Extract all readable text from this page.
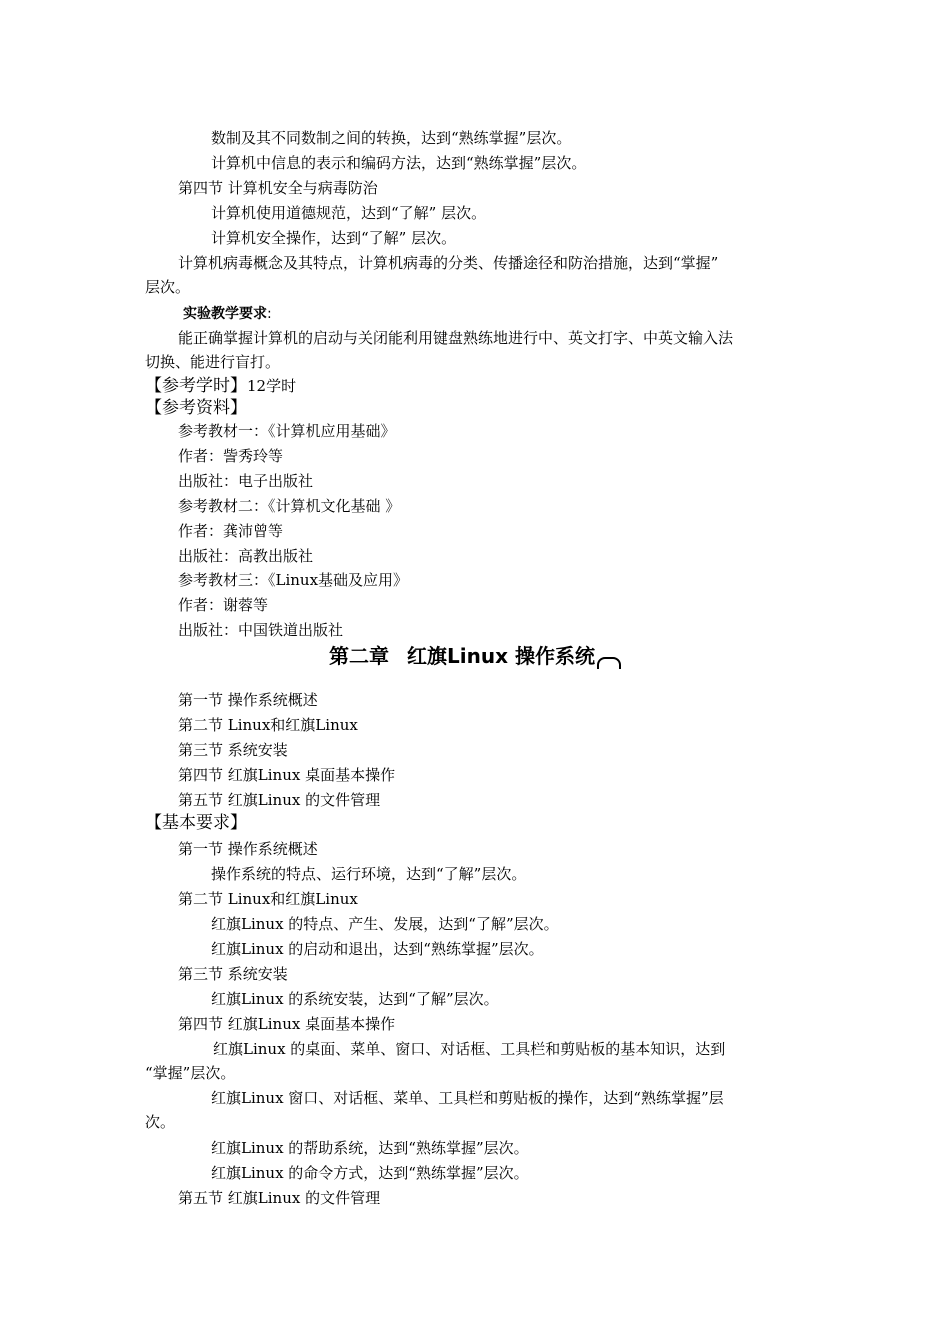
数制及其不同数制之间的转换，达到“熟练掌握”层次。
计算机中信息的表示和编码方法，达到“熟练掌握”层次。
第四节 计算机安全与病毒防治
计算机使用道德规范，达到“了解” 层次。
计算机安全操作，达到“了解” 层次。
计算机病毒概念及其特点，计算机病毒的分类、传播途径和防治措施，达到“掌握”
层次。
实验教学要求:
能正确掌握计算机的启动与关闭能利用键盘熟练地进行中、英文打字、中英文输入法
切换、能进行盲打。
【参考学时】12学时
【参考资料】
参考教材一：《计算机应用基础》
作者：訾秀玲等
出版社：电子出版社
参考教材二：《计算机文化基础 》
作者：龚沛曾等
出版社：高教出版社
参考教材三：《Linux基础及应用》
作者：谢蓉等
出版社：中国铁道出版社
第二章 红旗Linux 操作系统
第一节 操作系统概述
第二节 Linux和红旗Linux
第三节 系统安装
第四节 红旗Linux 桌面基本操作
第五节 红旗Linux 的文件管理
【基本要求】
第一节 操作系统概述
操作系统的特点、运行环境，达到“了解”层次。
第二节 Linux和红旗Linux
红旗Linux 的特点、产生、发展，达到“了解”层次。
红旗Linux 的启动和退出，达到“熟练掌握”层次。
第三节 系统安装
红旗Linux 的系统安装，达到“了解”层次。
第四节 红旗Linux 桌面基本操作
红旗Linux 的桌面、菜单、窗口、对话框、工具栏和剪贴板的基本知识，达到
“掌握”层次。
红旗Linux 窗口、对话框、菜单、工具栏和剪贴板的操作，达到“熟练掌握”层
次。
红旗Linux 的帮助系统，达到“熟练掌握”层次。
红旗Linux 的命令方式，达到“熟练掌握”层次。
第五节 红旗Linux 的文件管理
